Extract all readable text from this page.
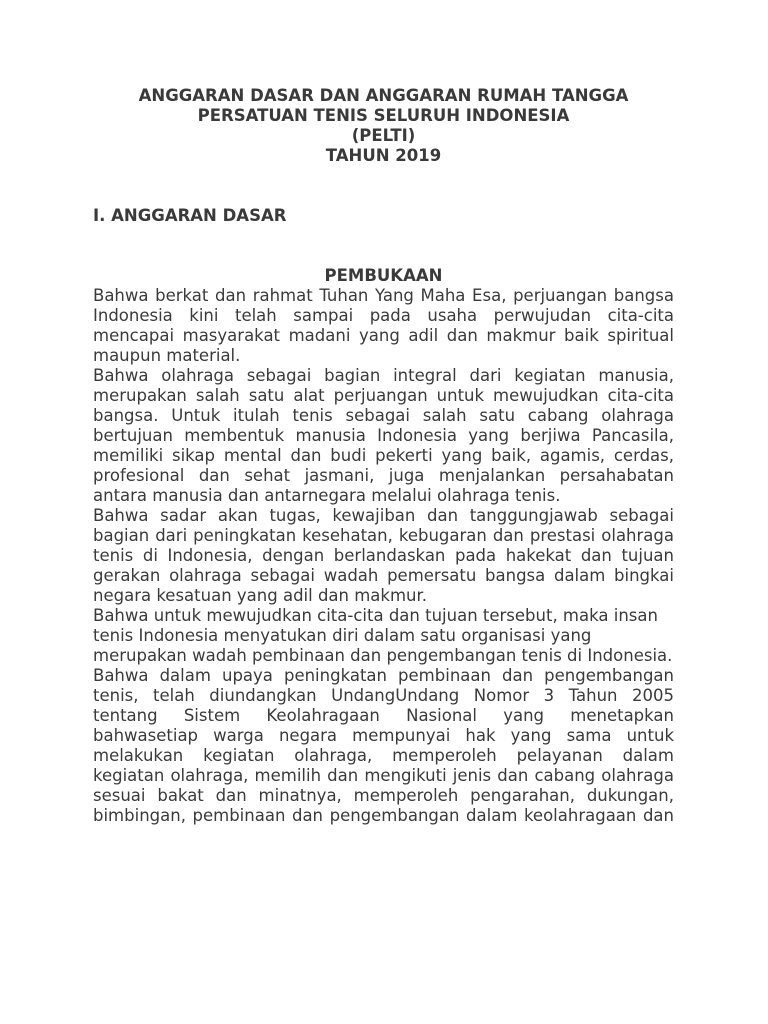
ANGGARAN DASAR DAN ANGGARAN RUMAH TANGGA
PERSATUAN TENIS SELURUH INDONESIA
(PELTI)
TAHUN 2019
I. ANGGARAN DASAR
PEMBUKAAN

Bahwa berkat dan rahmat Tuhan Yang Maha Esa, perjuangan bangsa Indonesia kini telah sampai pada usaha perwujudan cita-cita mencapai masyarakat madani yang adil dan makmur baik spiritual maupun material.

Bahwa olahraga sebagai bagian integral dari kegiatan manusia, merupakan salah satu alat perjuangan untuk mewujudkan cita-cita bangsa. Untuk itulah tenis sebagai salah satu cabang olahraga bertujuan membentuk manusia Indonesia yang berjiwa Pancasila, memiliki sikap mental dan budi pekerti yang baik, agamis, cerdas, profesional dan sehat jasmani, juga menjalankan persahabatan antara manusia dan antarnegara melalui olahraga tenis.

Bahwa sadar akan tugas, kewajiban dan tanggungjawab sebagai bagian dari peningkatan kesehatan, kebugaran dan prestasi olahraga tenis di Indonesia, dengan berlandaskan pada hakekat dan tujuan gerakan olahraga sebagai wadah pemersatu bangsa dalam bingkai negara kesatuan yang adil dan makmur.

Bahwa untuk mewujudkan cita-cita dan tujuan tersebut, maka insan tenis Indonesia menyatukan diri dalam satu organisasi yang merupakan wadah pembinaan dan pengembangan tenis di Indonesia.

Bahwa dalam upaya peningkatan pembinaan dan pengembangan tenis, telah diundangkan UndangUndang Nomor 3 Tahun 2005 tentang Sistem Keolahragaan Nasional yang menetapkan bahwasetiap warga negara mempunyai hak yang sama untuk melakukan kegiatan olahraga, memperoleh pelayanan dalam kegiatan olahraga, memilih dan mengikuti jenis dan cabang olahraga sesuai bakat dan minatnya, memperoleh pengarahan, dukungan, bimbingan, pembinaan dan pengembangan dalam keolahragaan dan
